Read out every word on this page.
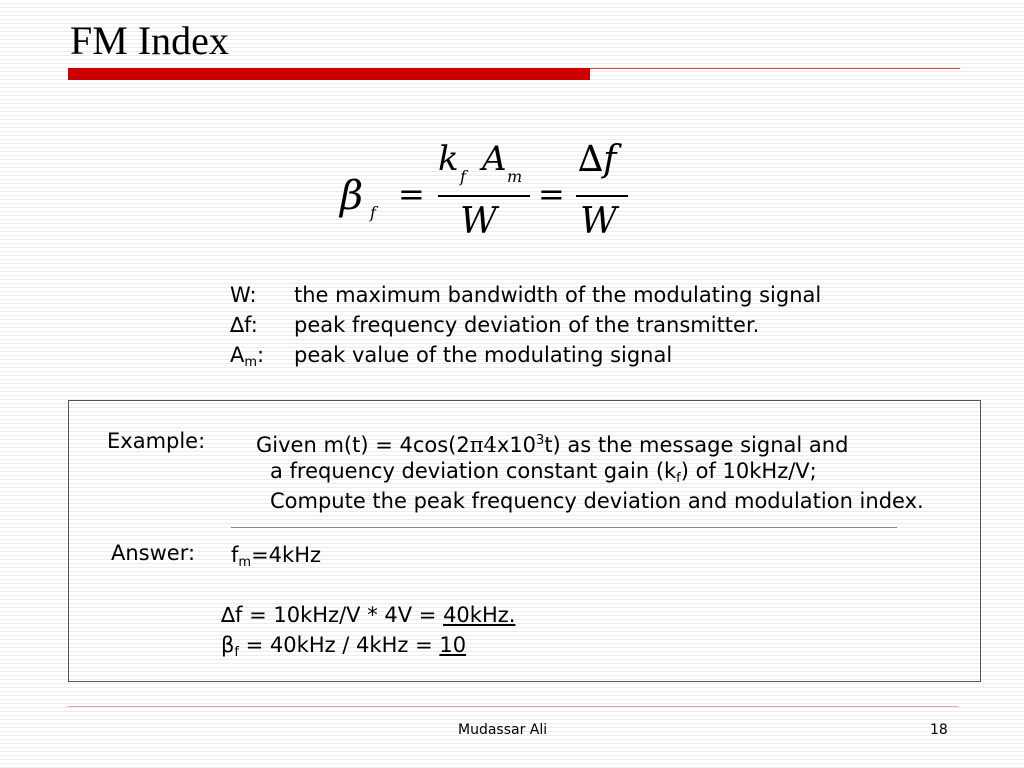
FM Index
β f =
k f A m
W
=
∆f
W
W: the maximum bandwidth of the modulating signal
∆f: peak frequency deviation of the transmitter.
$A_m$: peak value of the modulating signal
Example: Given $m(t) = 4\cos(2\pi 4x10^3t)$ as the message signal and
a frequency deviation constant gain $(k_f)$ of 10kHz/V;
Compute the peak frequency deviation and modulation index.
Answer: $f_m=4kHz$
∆f = 10kHz/V * 4V = 40kHz.
$\beta_f = 40kHz / 4kHz = 10$
Mudassar Ali	18
